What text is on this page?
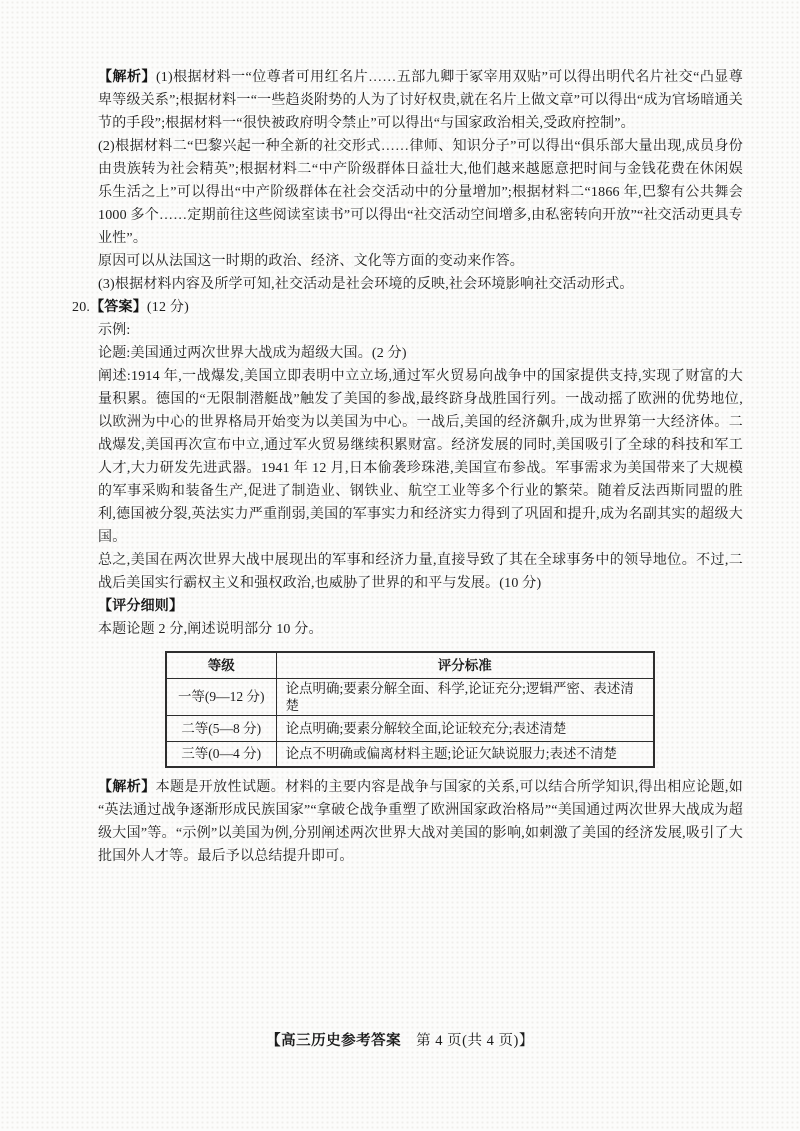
【解析】(1)根据材料一“位尊者可用红名片……五部九卿于冢宰用双贴”可以得出明代名片社交“凸显尊卑等级关系”;根据材料一“一些趋炎附势的人为了讨好权贵,就在名片上做文章”可以得出“成为官场暗通关节的手段”;根据材料一“很快被政府明令禁止”可以得出“与国家政治相关,受政府控制”。

(2)根据材料二“巴黎兴起一种全新的社交形式……律师、知识分子”可以得出“俱乐部大量出现,成员身份由贵族转为社会精英”;根据材料二“中产阶级群体日益壮大,他们越来越愿意把时间与金钱花费在休闲娱乐生活之上”可以得出“中产阶级群体在社会交活动中的分量增加”;根据材料二“1866 年,巴黎有公共舞会 1000 多个……定期前往这些阅读室读书”可以得出“社交活动空间增多,由私密转向开放”“社交活动更具专业性”。

原因可以从法国这一时期的政治、经济、文化等方面的变动来作答。

(3)根据材料内容及所学可知,社交活动是社会环境的反映,社会环境影响社交活动形式。

20.【答案】(12 分)

示例:

论题:美国通过两次世界大战成为超级大国。(2 分)

阐述:1914 年,一战爆发,美国立即表明中立立场,通过军火贸易向战争中的国家提供支持,实现了财富的大量积累。德国的“无限制潜艇战”触发了美国的参战,最终跻身战胜国行列。一战动摇了欧洲的优势地位,以欧洲为中心的世界格局开始变为以美国为中心。一战后,美国的经济飙升,成为世界第一大经济体。二战爆发,美国再次宣布中立,通过军火贸易继续积累财富。经济发展的同时,美国吸引了全球的科技和军工人才,大力研发先进武器。1941 年 12 月,日本偷袭珍珠港,美国宣布参战。军事需求为美国带来了大规模的军事采购和装备生产,促进了制造业、钢铁业、航空工业等多个行业的繁荣。随着反法西斯同盟的胜利,德国被分裂,英法实力严重削弱,美国的军事实力和经济实力得到了巩固和提升,成为名副其实的超级大国。

总之,美国在两次世界大战中展现出的军事和经济力量,直接导致了其在全球事务中的领导地位。不过,二战后美国实行霸权主义和强权政治,也威胁了世界的和平与发展。(10 分)

【评分细则】

本题论题 2 分,阐述说明部分 10 分。

等级	评分标准
一等(9—12 分)	论点明确;要素分解全面、科学,论证充分;逻辑严密、表述清楚
二等(5—8 分)	论点明确;要素分解较全面,论证较充分;表述清楚
三等(0—4 分)	论点不明确或偏离材料主题;论证欠缺说服力;表述不清楚

【解析】本题是开放性试题。材料的主要内容是战争与国家的关系,可以结合所学知识,得出相应论题,如“英法通过战争逐渐形成民族国家”“拿破仑战争重塑了欧洲国家政治格局”“美国通过两次世界大战成为超级大国”等。“示例”以美国为例,分别阐述两次世界大战对美国的影响,如刺激了美国的经济发展,吸引了大批国外人才等。最后予以总结提升即可。

【高三历史参考答案 第 4 页(共 4 页)】
